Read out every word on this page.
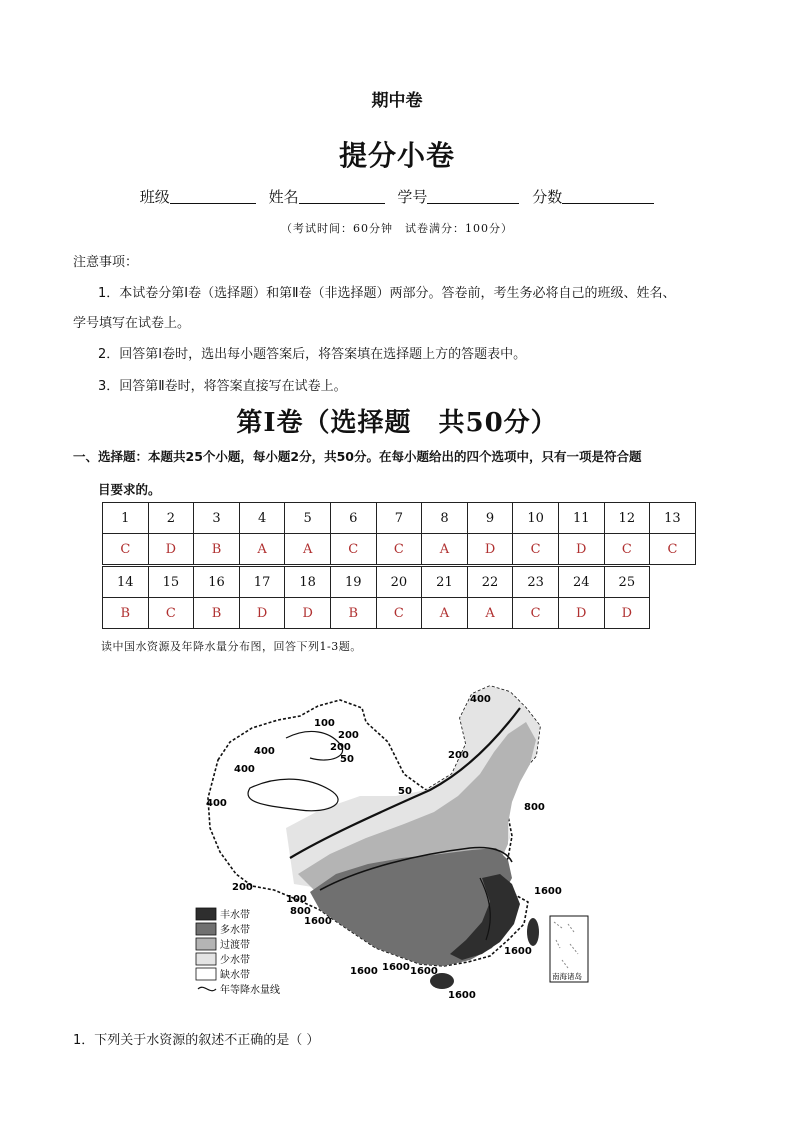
期中卷
提分小卷
班级	姓名	学号	分数
（考试时间：60分钟　试卷满分：100分）
注意事项：
1．本试卷分第Ⅰ卷（选择题）和第Ⅱ卷（非选择题）两部分。答卷前，考生务必将自己的班级、姓名、
学号填写在试卷上。
2．回答第Ⅰ卷时，选出每小题答案后，将答案填在选择题上方的答题表中。
3．回答第Ⅱ卷时，将答案直接写在试卷上。
第Ⅰ卷（选择题　共50分）
一、选择题：本题共25个小题，每小题2分，共50分。在每小题给出的四个选项中，只有一项是符合题
目要求的。
1	2	3	4	5	6	7	8	9	10	11	12	13
C	D	B	A	A	C	C	A	D	C	D	C	C
14	15	16	17	18	19	20	21	22	23	24	25
B	C	B	D	D	B	C	A	A	C	D	D
读中国水资源及年降水量分布图，回答下列1-3题。
400
400
200
100
200
50
400
50
800
200
400
100
800
1600
1600
1600
1600 1600
1600
1600
200
丰水带
多水带
过渡带
少水带
缺水带
年等降水量线
南海诸岛
1．下列关于水资源的叙述不正确的是（ ）
